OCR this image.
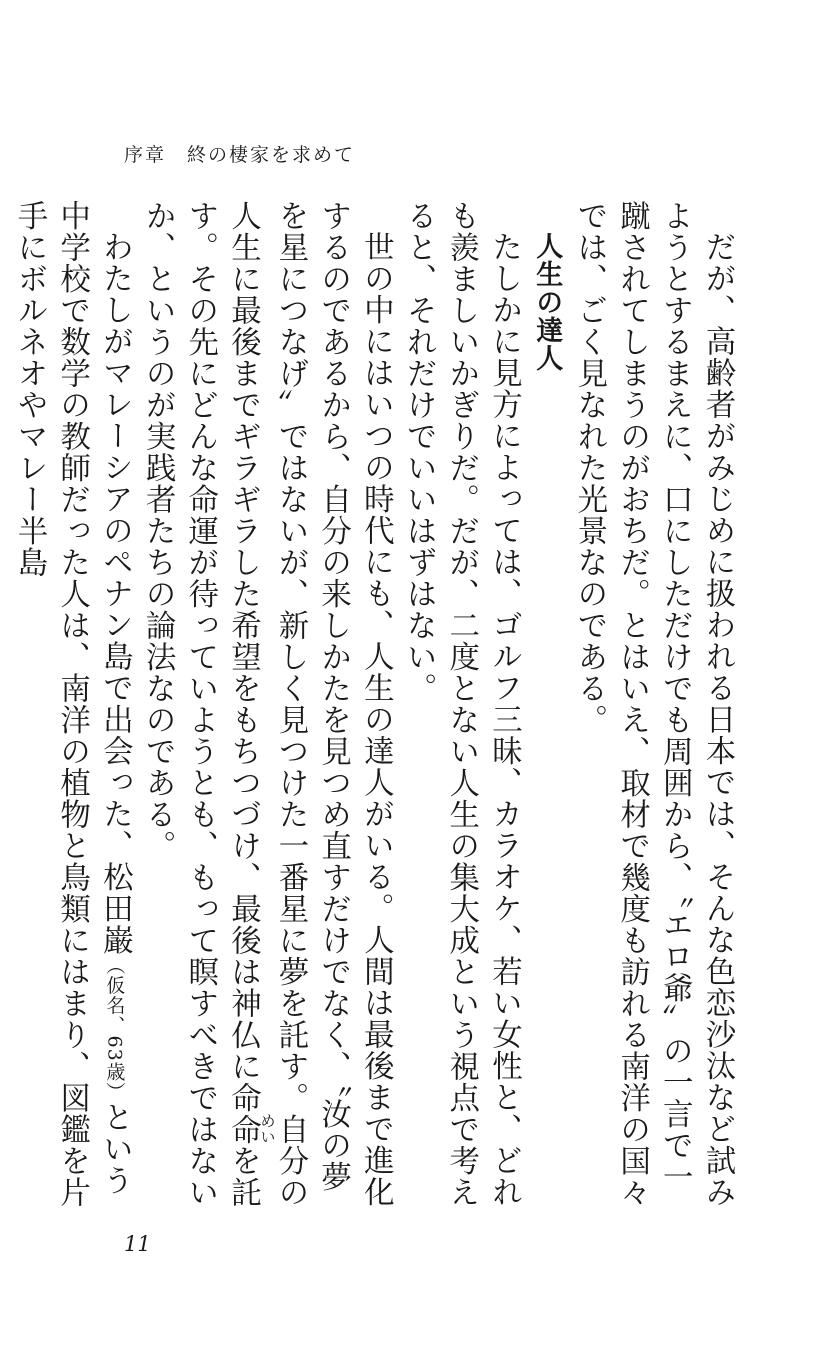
序章　終の棲家を求めて

だが、高齢者がみじめに扱われる日本では、そんな色恋沙汰など試みようとするまえに、口にしただけでも周囲から、〝エロ爺〟の一言で一蹴されてしまうのがおちだ。とはいえ、取材で幾度も訪れる南洋の国々では、ごく見なれた光景なのである。

人生の達人

たしかに見方によっては、ゴルフ三昧、カラオケ、若い女性と、どれも羨ましいかぎりだ。だが、二度とない人生の集大成という視点で考えると、それだけでいいはずはない。

世の中にはいつの時代にも、人生の達人がいる。人間は最後まで進化するのであるから、自分の来しかたを見つめ直すだけでなく、〝汝の夢を星につなげ〟ではないが、新しく見つけた一番星に夢を託す。自分の人生に最後までギラギラした希望をもちつづけ、最後は神仏に命命めいを託す。その先にどんな命運が待っていようとも、もって瞑すべきではないか、というのが実践者たちの論法なのである。

わたしがマレーシアのペナン島で出会った、松田巌（仮名、63歳）という中学校で数学の教師だった人は、南洋の植物と鳥類にはまり、図鑑を片手にボルネオやマレー半島

11
